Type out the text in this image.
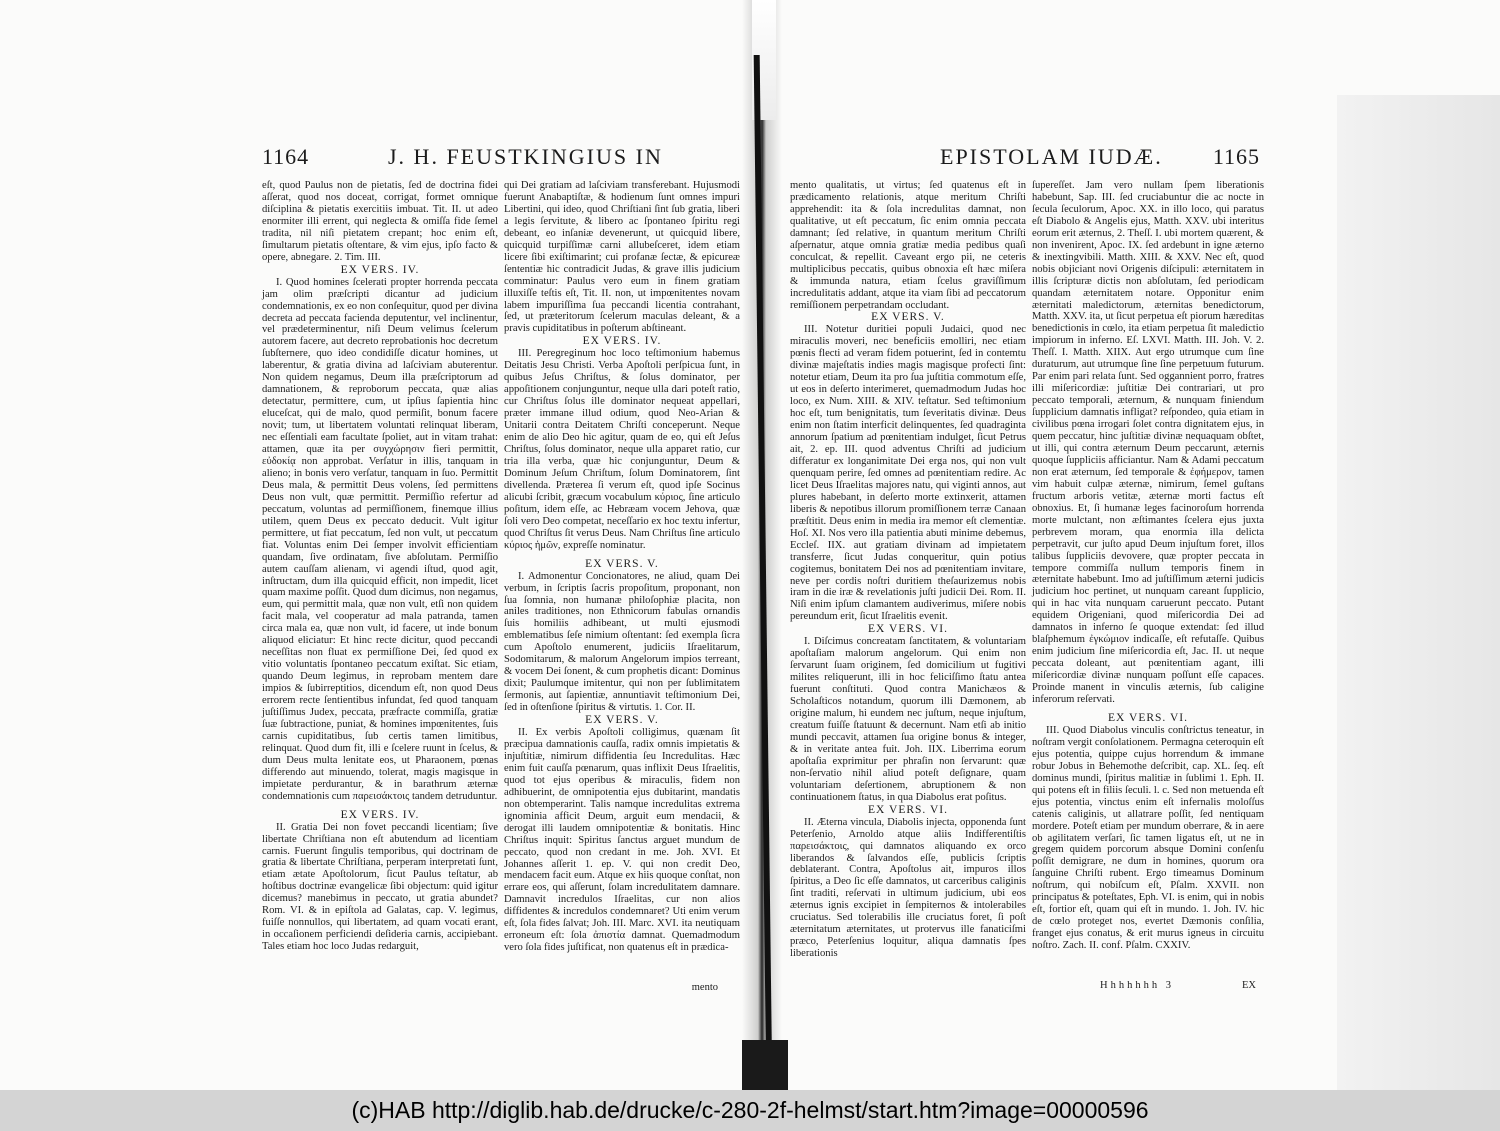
1164	J. H. FEUSTKINGIUS IN

eſt, quod Paulus non de pietatis, ſed de doctrina fidei aſſerat, quod nos doceat, corrigat, formet omnique diſciplina & pietatis exercitiis imbuat. Tit. II. ut adeo enormiter illi errent, qui neglecta & omiſſa fide ſemel tradita, nil niſi pietatem crepant; hoc enim eſt, ſimultarum pietatis oſtentare, & vim ejus, ipſo facto & opere, abnegare. 2. Tim. III.

EX VERS. IV.

I. Quod homines ſcelerati propter horrenda peccata jam olim præſcripti dicantur ad judicium condemnationis, ex eo non conſequitur, quod per divina decreta ad peccata facienda deputentur, vel inclinentur, vel prædeterminentur, niſi Deum velimus ſcelerum autorem facere, aut decreto reprobationis hoc decretum ſubſternere, quo ideo condidiſſe dicatur homines, ut laberentur, & gratia divina ad laſciviam abuterentur. Non quidem negamus, Deum illa præſcriptorum ad damnationem, & reproborum peccata, quæ alias detectatur, permittere, cum, ut ipſius ſapientia hinc eluceſcat, qui de malo, quod permiſit, bonum facere novit; tum, ut libertatem voluntati relinquat liberam, nec eſſentiali eam facultate ſpoliet, aut in vitam trahat: attamen, quæ ita per συγχώρησιν fieri permittit, εὐδοκίᾳ non approbat. Verſatur in illis, tanquam in alieno; in bonis vero verſatur, tanquam in ſuo. Permittit Deus mala, & permittit Deus volens, ſed permittens Deus non vult, quæ permittit. Permiſſio refertur ad peccatum, voluntas ad permiſſionem, finemque illius utilem, quem Deus ex peccato deducit. Vult igitur permittere, ut fiat peccatum, ſed non vult, ut peccatum fiat. Voluntas enim Dei ſemper involvit efficientiam quandam, ſive ordinatam, ſive abſolutam. Permiſſio autem cauſſam alienam, vi agendi iſtud, quod agit, inſtructam, dum illa quicquid efficit, non impedit, licet quam maxime poſſit. Quod dum dicimus, non negamus, eum, qui permittit mala, quæ non vult, etſi non quidem facit mala, vel cooperatur ad mala patranda, tamen circa mala ea, quæ non vult, id facere, ut inde bonum aliquod eliciatur: Et hinc recte dicitur, quod peccandi neceſſitas non fluat ex permiſſione Dei, ſed quod ex vitio voluntatis ſpontaneo peccatum exiſtat. Sic etiam, quando Deum legimus, in reprobam mentem dare impios & ſubirreptitios, dicendum eſt, non quod Deus errorem recte ſentientibus infundat, ſed quod tanquam juſtiſſimus Judex, peccata, præfracte commiſſa, gratiæ ſuæ ſubtractione, puniat, & homines impœnitentes, ſuis carnis cupiditatibus, ſub certis tamen limitibus, relinquat. Quod dum fit, illi e ſcelere ruunt in ſcelus, & dum Deus multa lenitate eos, ut Pharaonem, pœnas differendo aut minuendo, tolerat, magis magisque in impietate perdurantur, & in barathrum æternæ condemnationis cum παρεισάκτοις tandem detruduntur.

EX VERS. IV.

II. Gratia Dei non fovet peccandi licentiam; ſive libertate Chriſtiana non eſt abutendum ad licentiam carnis. Fuerunt ſingulis temporibus, qui doctrinam de gratia & libertate Chriſtiana, perperam interpretati ſunt, etiam ætate Apoſtolorum, ſicut Paulus teſtatur, ab hoſtibus doctrinæ evangelicæ ſibi objectum: quid igitur dicemus? manebimus in peccato, ut gratia abundet? Rom. VI. & in epiſtola ad Galatas, cap. V. legimus, fuiſſe nonnullos, qui libertatem, ad quam vocati erant, in occaſionem perficiendi deſideria carnis, accipiebant. Tales etiam hoc loco Judas redarguit,

qui Dei gratiam ad laſciviam transferebant. Hujusmodi fuerunt Anabaptiſtæ, & hodienum ſunt omnes impuri Libertini, qui ideo, quod Chriſtiani ſint ſub gratia, liberi a legis ſervitute, & libero ac ſpontaneo ſpiritu regi debeant, eo inſaniæ devenerunt, ut quicquid libere, quicquid turpiſſimæ carni allubeſceret, idem etiam licere ſibi exiſtimarint; cui profanæ ſectæ, & epicureæ ſententiæ hic contradicit Judas, & grave illis judicium comminatur: Paulus vero eum in finem gratiam illuxiſſe teſtis eſt, Tit. II. non, ut impœnitentes novam labem impuriſſima ſua peccandi licentia contrahant, ſed, ut præteritorum ſcelerum maculas deleant, & a pravis cupiditatibus in poſterum abſtineant.

EX VERS. IV.

III. Peregreginum hoc loco teſtimonium habemus Deitatis Jesu Christi. Verba Apoſtoli perſpicua ſunt, in quibus Jeſus Chriſtus, & ſolus dominator, per appoſitionem conjunguntur, neque ulla dari poteſt ratio, cur Chriſtus ſolus ille dominator nequeat appellari, præter immane illud odium, quod Neo-Arian & Unitarii contra Deitatem Chriſti conceperunt. Neque enim de alio Deo hic agitur, quam de eo, qui eſt Jeſus Chriſtus, ſolus dominator, neque ulla apparet ratio, cur tria illa verba, quæ hic conjunguntur, Deum & Dominum Jeſum Chriſtum, ſolum Dominatorem, ſint divellenda. Præterea ſi verum eſt, quod ipſe Socinus alicubi ſcribit, græcum vocabulum κύριος, ſine articulo poſitum, idem eſſe, ac Hebræam vocem Jehova, quæ ſoli vero Deo competat, neceſſario ex hoc textu infertur, quod Chriſtus ſit verus Deus. Nam Chriſtus ſine articulo κύριος ἡμῶν, expreſſe nominatur.

EX VERS. V.

I. Admonentur Concionatores, ne aliud, quam Dei verbum, in ſcriptis ſacris propoſitum, proponant, non ſua ſomnia, non humanæ philoſophiæ placita, non aniles traditiones, non Ethnicorum fabulas ornandis ſuis homiliis adhibeant, ut multi ejusmodi emblematibus ſeſe nimium oſtentant: ſed exempla ſicra cum Apoſtolo enumerent, judiciis Iſraelitarum, Sodomitarum, & malorum Angelorum impios terreant, & vocem Dei ſonent, & cum prophetis dicant: Dominus dixit; Paulumque imitentur, qui non per ſublimitatem ſermonis, aut ſapientiæ, annuntiavit teſtimonium Dei, ſed in oſtenſione ſpiritus & virtutis. 1. Cor. II.

EX VERS. V.

II. Ex verbis Apoſtoli colligimus, quænam ſit præcipua damnationis cauſſa, radix omnis impietatis & injuſtitiæ, nimirum diffidentia ſeu Incredulitas. Hæc enim fuit cauſſa pœnarum, quas inflixit Deus Iſraelitis, quod tot ejus operibus & miraculis, fidem non adhibuerint, de omnipotentia ejus dubitarint, mandatis non obtemperarint. Talis namque incredulitas extrema ignominia afficit Deum, arguit eum mendacii, & derogat illi laudem omnipotentiæ & bonitatis. Hinc Chriſtus inquit: Spiritus ſanctus arguet mundum de peccato, quod non credant in me. Joh. XVI. Et Johannes aſſerit 1. ep. V. qui non credit Deo, mendacem facit eum. Atque ex hiis quoque conſtat, non errare eos, qui aſſerunt, ſolam incredulitatem damnare. Damnavit incredulos Iſraelitas, cur non alios diffidentes & incredulos condemnaret? Uti enim verum eſt, ſola fides ſalvat; Joh. III. Marc. XVI. ita neutiquam erroneum eſt: ſola ἀπιστία damnat. Quemadmodum vero ſola fides juſtificat, non quatenus eſt in prædica-

mento
EPISTOLAM IUDÆ. 1165

mento qualitatis, ut virtus; ſed quatenus eſt in prædicamento relationis, atque meritum Chriſti apprehendit: ita & ſola incredulitas damnat, non qualitative, ut eſt peccatum, ſic enim omnia peccata damnant; ſed relative, in quantum meritum Chriſti aſpernatur, atque omnia gratiæ media pedibus quaſi conculcat, & repellit. Caveant ergo pii, ne ceteris multiplicibus peccatis, quibus obnoxia eſt hæc miſera & immunda natura, etiam ſcelus graviſſimum incredulitatis addant, atque ita viam ſibi ad peccatorum remiſſionem perpetrandam occludant.

EX VERS. V.

III. Notetur duritiei populi Judaici, quod nec miraculis moveri, nec beneficiis emolliri, nec etiam pœnis flecti ad veram fidem potuerint, ſed in contemtu divinæ majeſtatis indies magis magisque profecti ſint: notetur etiam, Deum ita pro ſua juſtitia commotum eſſe, ut eos in deſerto interimeret, quemadmodum Judas hoc loco, ex Num. XIII. & XIV. teſtatur. Sed teſtimonium hoc eſt, tum benignitatis, tum ſeveritatis divinæ. Deus enim non ſtatim interficit delinquentes, ſed quadraginta annorum ſpatium ad pœnitentiam indulget, ſicut Petrus ait, 2. ep. III. quod adventus Chriſti ad judicium differatur ex longanimitate Dei erga nos, qui non vult quenquam perire, ſed omnes ad pœnitentiam redire. Ac licet Deus Iſraelitas majores natu, qui viginti annos, aut plures habebant, in deſerto morte extinxerit, attamen liberis & nepotibus illorum promiſſionem terræ Canaan præſtitit. Deus enim in media ira memor eſt clementiæ. Hoſ. XI. Nos vero illa patientia abuti minime debemus, Eccleſ. IIX. aut gratiam divinam ad impietatem transferre, ſicut Judas conqueritur, quin potius cogitemus, bonitatem Dei nos ad pœnitentiam invitare, neve per cordis noſtri duritiem theſaurizemus nobis iram in die iræ & revelationis juſti judicii Dei. Rom. II. Niſi enim ipſum clamantem audiverimus, miſere nobis pereundum erit, ſicut Iſraelitis evenit.

EX VERS. VI.

I. Diſcimus concreatam ſanctitatem, & voluntariam apoſtaſiam malorum angelorum. Qui enim non ſervarunt ſuam originem, ſed domicilium ut fugitivi milites reliquerunt, illi in hoc feliciſſimo ſtatu antea fuerunt conſtituti. Quod contra Manichæos & Scholaſticos notandum, quorum illi Dæmonem, ab origine malum, hi eundem nec juſtum, neque injuſtum, creatum fuiſſe ſtatuunt & decernunt. Nam etſi ab initio mundi peccavit, attamen ſua origine bonus & integer, & in veritate antea fuit. Joh. IIX. Liberrima eorum apoſtaſia exprimitur per phraſin non ſervarunt: quæ non-ſervatio nihil aliud poteſt deſignare, quam voluntariam deſertionem, abruptionem & non continuationem ſtatus, in qua Diabolus erat poſitus.

EX VERS. VI.

II. Æterna vincula, Diabolis injecta, opponenda ſunt Peterſenio, Arnoldo atque aliis Indifferentiſtis παρεισάκτοις, qui damnatos aliquando ex orco liberandos & ſalvandos eſſe, publicis ſcriptis deblaterant. Contra, Apoſtolus ait, impuros illos ſpiritus, a Deo ſic eſſe damnatos, ut carceribus caliginis ſint traditi, reſervati in ultimum judicium, ubi eos æternus ignis excipiet in ſempiternos & intolerabiles cruciatus. Sed tolerabilis ille cruciatus foret, ſi poſt æternitatum æternitates, ut protervus ille fanaticiſmi præco, Peterſenius loquitur, aliqua damnatis ſpes liberationis

ſupereſſet. Jam vero nullam ſpem liberationis habebunt, Sap. III. ſed cruciabuntur die ac nocte in ſecula ſeculorum, Apoc. XX. in illo loco, qui paratus eſt Diabolo & Angelis ejus, Matth. XXV. ubi interitus eorum erit æternus, 2. Theſſ. I. ubi mortem quærent, & non invenirent, Apoc. IX. ſed ardebunt in igne æterno & inextingvibili. Matth. XIII. & XXV. Nec eſt, quod nobis objiciant novi Origenis diſcipuli: æternitatem in illis ſcripturæ dictis non abſolutam, ſed periodicam quandam æternitatem notare. Opponitur enim æternitati maledictorum, æternitas benedictorum, Matth. XXV. ita, ut ſicut perpetua eſt piorum hæreditas benedictionis in cœlo, ita etiam perpetua ſit maledictio impiorum in inferno. Eſ. LXVI. Matth. III. Joh. V. 2. Theſſ. I. Matth. XIIX. Aut ergo utrumque cum ſine duraturum, aut utrumque ſine ſine perpetuum futurum. Par enim pari relata ſunt. Sed oggannient porro, fratres illi miſericordiæ: juſtitiæ Dei contrariari, ut pro peccato temporali, æternum, & nunquam finiendum ſupplicium damnatis infligat? reſpondeo, quia etiam in civilibus pœna irrogari ſolet contra dignitatem ejus, in quem peccatur, hinc juſtitiæ divinæ nequaquam obſtet, ut illi, qui contra æternum Deum peccarunt, æternis quoque ſuppliciis afficiantur. Nam & Adami peccatum non erat æternum, ſed temporale & ἐφήμερον, tamen vim habuit culpæ æternæ, nimirum, ſemel guſtans fructum arboris vetitæ, æternæ morti factus eſt obnoxius. Et, ſi humanæ leges facinoroſum horrenda morte mulctant, non æſtimantes ſcelera ejus juxta perbrevem moram, qua enormia illa delicta perpetravit, cur juſto apud Deum injuſtum foret, illos talibus ſuppliciis devovere, quæ propter peccata in tempore commiſſa nullum temporis finem in æternitate habebunt. Imo ad juſtiſſimum æterni judicis judicium hoc pertinet, ut nunquam careant ſupplicio, qui in hac vita nunquam caruerunt peccato. Putant equidem Origeniani, quod miſericordia Dei ad damnatos in inferno ſe quoque extendat: ſed illud blaſphemum ἐγκώμιον indicaſſe, eſt refutaſſe. Quibus enim judicium ſine miſericordia eſt, Jac. II. ut neque peccata doleant, aut pœnitentiam agant, illi miſericordiæ divinæ nunquam poſſunt eſſe capaces. Proinde manent in vinculis æternis, ſub caligine inferorum reſervati.

EX VERS. VI.

III. Quod Diabolus vinculis conſtrictus teneatur, in noſtram vergit conſolationem. Permagna ceteroquin eſt ejus potentia, quippe cujus horrendum & immane robur Jobus in Behemothe deſcribit, cap. XL. ſeq. eſt dominus mundi, ſpiritus malitiæ in ſublimi 1. Eph. II. qui potens eſt in filiis ſeculi. l. c. Sed non metuenda eſt ejus potentia, vinctus enim eſt infernalis moloſſus catenis caliginis, ut allatrare poſſit, ſed nentiquam mordere. Poteſt etiam per mundum oberrare, & in aere ob agilitatem verſari, ſic tamen ligatus eſt, ut ne in gregem quidem porcorum absque Domini conſenſu poſſit demigrare, ne dum in homines, quorum ora ſanguine Chriſti rubent. Ergo timeamus Dominum noſtrum, qui nobiſcum eſt, Pſalm. XXVII. non principatus & poteſtates, Eph. VI. is enim, qui in nobis eſt, fortior eſt, quam qui eſt in mundo. 1. Joh. IV. hic de cœlo proteget nos, evertet Dæmonis conſilia, franget ejus conatus, & erit murus igneus in circuitu noſtro. Zach. II. conf. Pſalm. CXXIV.

Hhhhhhh 3	EX
(c)HAB http://diglib.hab.de/drucke/c-280-2f-helmst/start.htm?image=00000596
